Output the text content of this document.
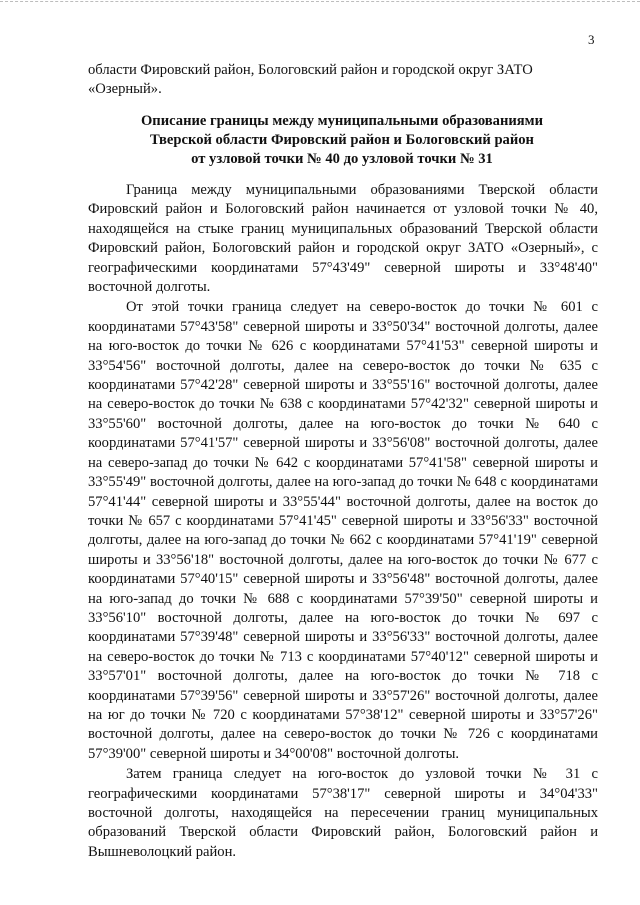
3

области Фировский район, Бологовский район и городской округ ЗАТО «Озерный».

Описание границы между муниципальными образованиями
Тверской области Фировский район и Бологовский район
от узловой точки № 40 до узловой точки № 31

Граница между муниципальными образованиями Тверской области Фировский район и Бологовский район начинается от узловой точки № 40, находящейся на стыке границ муниципальных образований Тверской области Фировский район, Бологовский район и городской округ ЗАТО «Озерный», с географическими координатами 57°43'49" северной широты и 33°48'40" восточной долготы.

От этой точки граница следует на северо-восток до точки № 601 с координатами 57°43'58" северной широты и 33°50'34" восточной долготы, далее на юго-восток до точки № 626 с координатами 57°41'53" северной широты и 33°54'56" восточной долготы, далее на северо-восток до точки № 635 с координатами 57°42'28" северной широты и 33°55'16" восточной долготы, далее на северо-восток до точки № 638 с координатами 57°42'32" северной широты и 33°55'60" восточной долготы, далее на юго-восток до точки № 640 с координатами 57°41'57" северной широты и 33°56'08" восточной долготы, далее на северо-запад до точки № 642 с координатами 57°41'58" северной широты и 33°55'49" восточной долготы, далее на юго-запад до точки № 648 с координатами 57°41'44" северной широты и 33°55'44" восточной долготы, далее на восток до точки № 657 с координатами 57°41'45" северной широты и 33°56'33" восточной долготы, далее на юго-запад до точки № 662 с координатами 57°41'19" северной широты и 33°56'18" восточной долготы, далее на юго-восток до точки № 677 с координатами 57°40'15" северной широты и 33°56'48" восточной долготы, далее на юго-запад до точки № 688 с координатами 57°39'50" северной широты и 33°56'10" восточной долготы, далее на юго-восток до точки № 697 с координатами 57°39'48" северной широты и 33°56'33" восточной долготы, далее на северо-восток до точки № 713 с координатами 57°40'12" северной широты и 33°57'01" восточной долготы, далее на юго-восток до точки № 718 с координатами 57°39'56" северной широты и 33°57'26" восточной долготы, далее на юг до точки № 720 с координатами 57°38'12" северной широты и 33°57'26" восточной долготы, далее на северо-восток до точки № 726 с координатами 57°39'00" северной широты и 34°00'08" восточной долготы.

Затем граница следует на юго-восток до узловой точки № 31 с географическими координатами 57°38'17" северной широты и 34°04'33" восточной долготы, находящейся на пересечении границ муниципальных образований Тверской области Фировский район, Бологовский район и Вышневолоцкий район.
